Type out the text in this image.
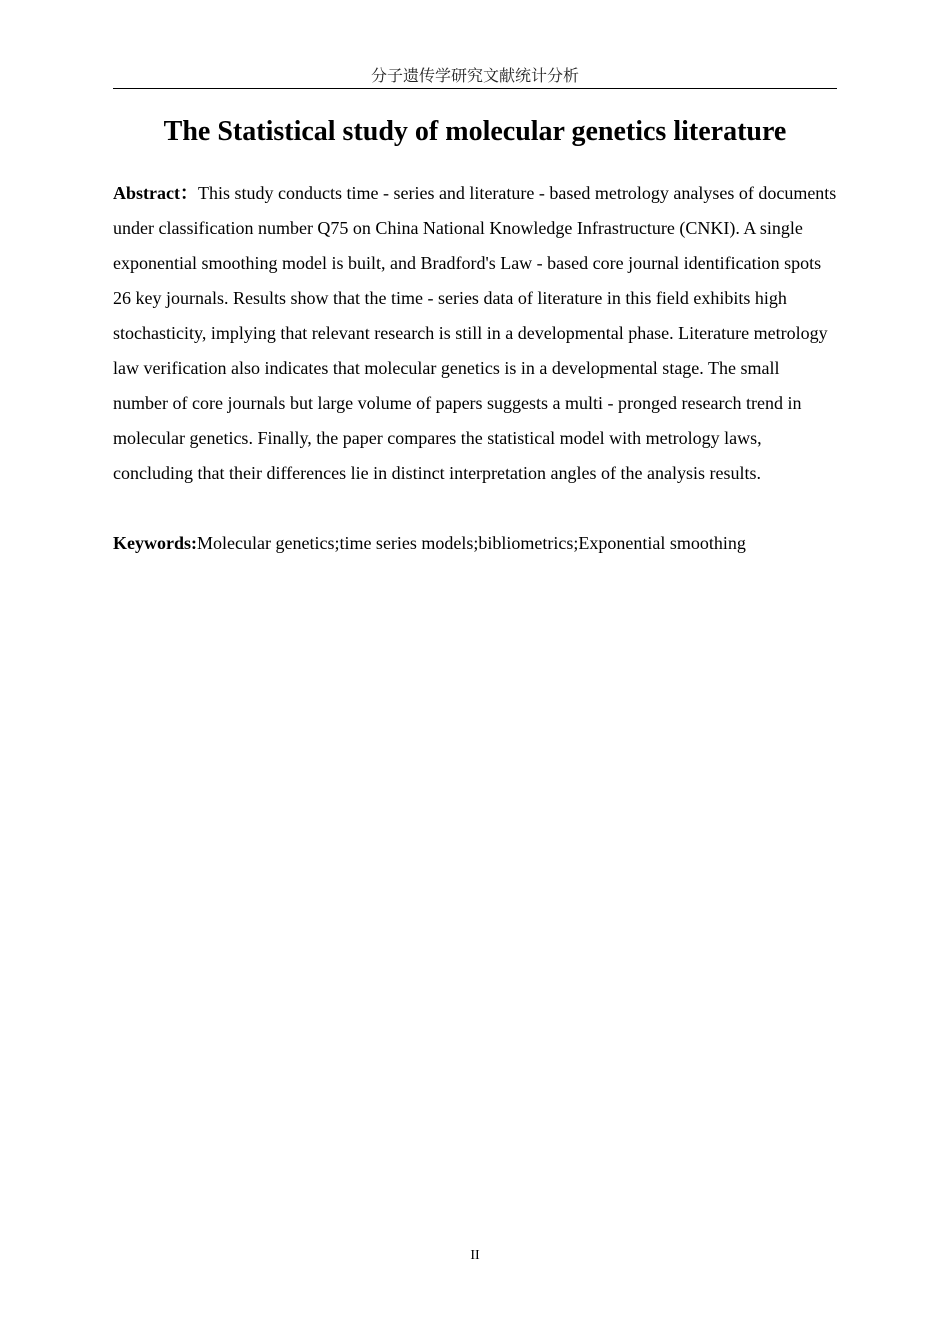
分子遗传学研究文献统计分析
The Statistical study of molecular genetics literature

Abstract：This study conducts time - series and literature - based metrology analyses of documents under classification number Q75 on China National Knowledge Infrastructure (CNKI). A single exponential smoothing model is built, and Bradford's Law - based core journal identification spots 26 key journals. Results show that the time - series data of literature in this field exhibits high stochasticity, implying that relevant research is still in a developmental phase. Literature metrology law verification also indicates that molecular genetics is in a developmental stage. The small number of core journals but large volume of papers suggests a multi - pronged research trend in molecular genetics. Finally, the paper compares the statistical model with metrology laws, concluding that their differences lie in distinct interpretation angles of the analysis results.

Keywords:Molecular genetics;time series models;bibliometrics;Exponential smoothing

II
